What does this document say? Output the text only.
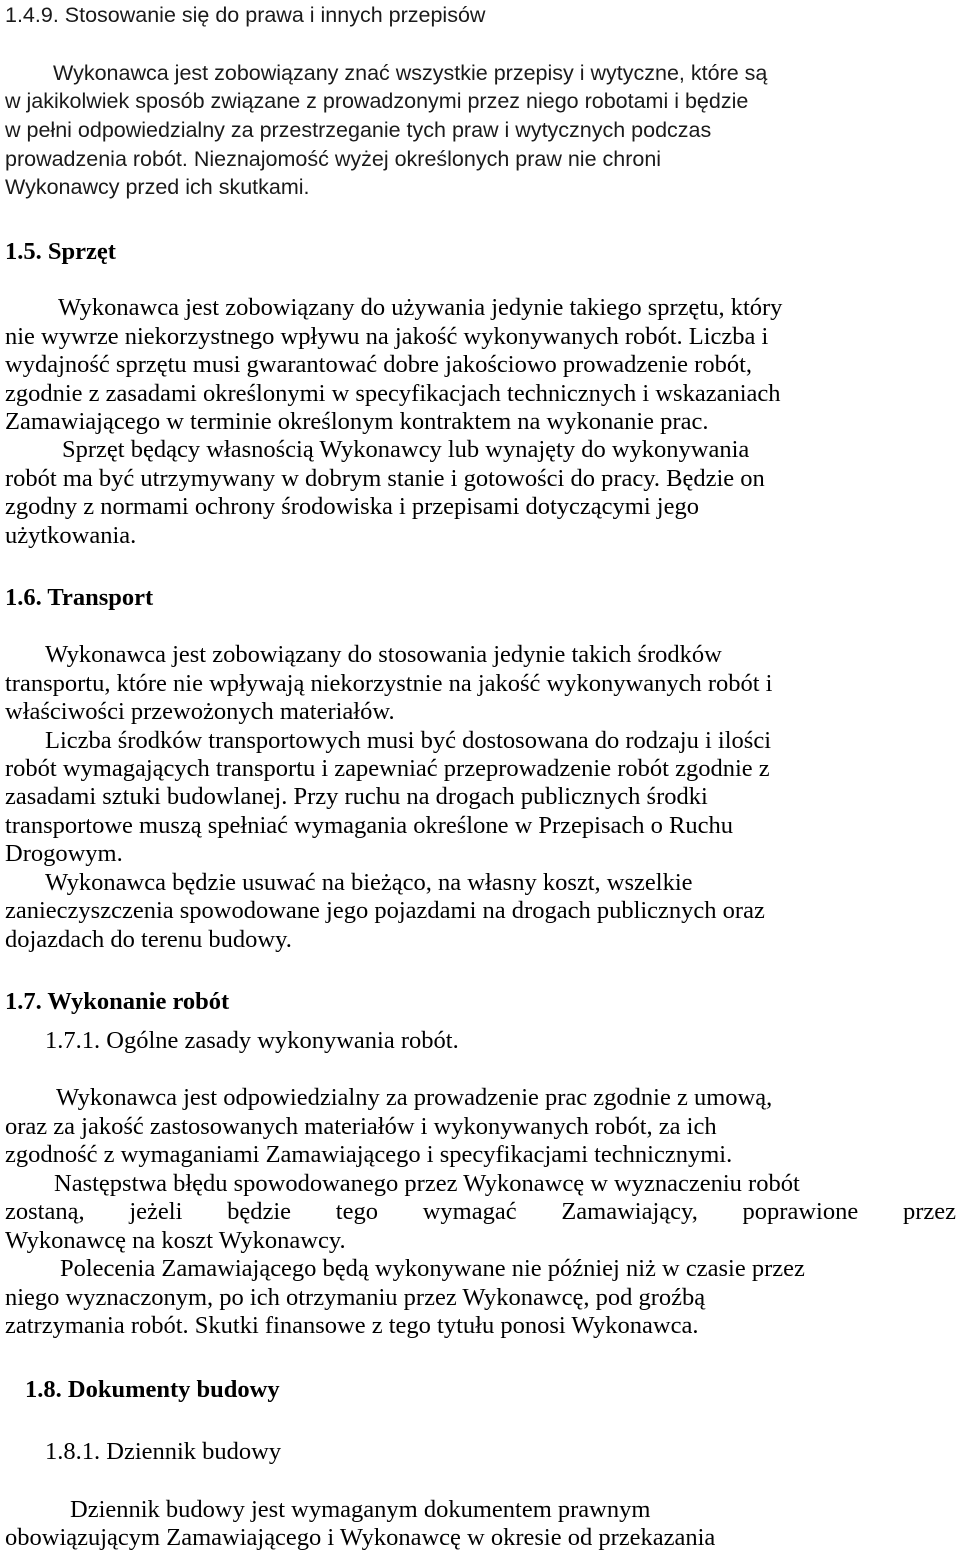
1.4.9. Stosowanie się do prawa i innych przepisów

Wykonawca jest zobowiązany znać wszystkie przepisy i wytyczne, które są

w jakikolwiek sposób związane z prowadzonymi przez niego robotami i będzie

w pełni odpowiedzialny za przestrzeganie tych praw i wytycznych podczas

prowadzenia robót. Nieznajomość wyżej określonych praw nie chroni

Wykonawcy przed ich skutkami.

1.5. Sprzęt

Wykonawca jest zobowiązany do używania jedynie takiego sprzętu, który

nie wywrze niekorzystnego wpływu na jakość wykonywanych robót. Liczba i

wydajność sprzętu musi gwarantować dobre jakościowo prowadzenie robót,

zgodnie z zasadami określonymi w specyfikacjach technicznych i wskazaniach

Zamawiającego w terminie określonym kontraktem na wykonanie prac.

Sprzęt będący własnością Wykonawcy lub wynajęty do wykonywania

robót ma być utrzymywany w dobrym stanie i gotowości do pracy. Będzie on

zgodny z normami ochrony środowiska i przepisami dotyczącymi jego

użytkowania.

1.6. Transport

Wykonawca jest zobowiązany do stosowania jedynie takich środków

transportu, które nie wpływają niekorzystnie na jakość wykonywanych robót i

właściwości przewożonych materiałów.

Liczba środków transportowych musi być dostosowana do rodzaju i ilości

robót wymagających transportu i zapewniać przeprowadzenie robót zgodnie z

zasadami sztuki budowlanej. Przy ruchu na drogach publicznych środki

transportowe muszą spełniać wymagania określone w Przepisach o Ruchu

Drogowym.

Wykonawca będzie usuwać na bieżąco, na własny koszt, wszelkie

zanieczyszczenia spowodowane jego pojazdami na drogach publicznych oraz

dojazdach do terenu budowy.

1.7. Wykonanie robót

1.7.1. Ogólne zasady wykonywania robót.

Wykonawca jest odpowiedzialny za prowadzenie prac zgodnie z umową,

oraz za jakość zastosowanych materiałów i wykonywanych robót, za ich

zgodność z wymaganiami Zamawiającego i specyfikacjami technicznymi.

Następstwa błędu spowodowanego przez Wykonawcę w wyznaczeniu robót

zostaną, jeżeli będzie tego wymagać Zamawiający, poprawione przez

Wykonawcę na koszt Wykonawcy.

Polecenia Zamawiającego będą wykonywane nie później niż w czasie przez

niego wyznaczonym, po ich otrzymaniu przez Wykonawcę, pod groźbą

zatrzymania robót. Skutki finansowe z tego tytułu ponosi Wykonawca.

1.8. Dokumenty budowy

1.8.1. Dziennik budowy

Dziennik budowy jest wymaganym dokumentem prawnym

obowiązującym Zamawiającego i Wykonawcę w okresie od przekazania
